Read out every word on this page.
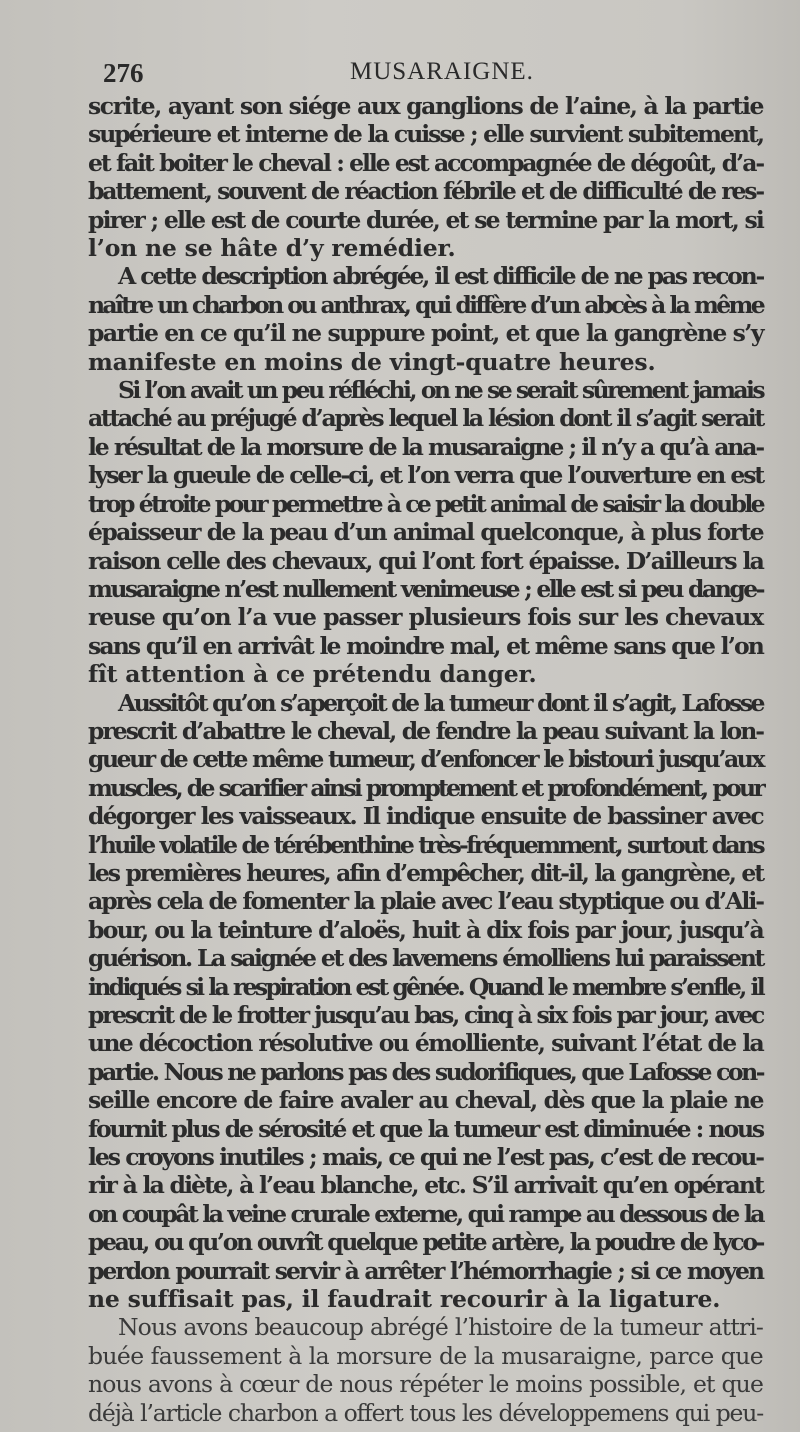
276	MUSARAIGNE.
scrite, ayant son siége aux ganglions de l’aine, à la partie
supérieure et interne de la cuisse ; elle survient subitement,
et fait boiter le cheval : elle est accompagnée de dégoût, d’a-
battement, souvent de réaction fébrile et de difficulté de res-
pirer ; elle est de courte durée, et se termine par la mort, si
l’on ne se hâte d’y remédier.
A cette description abrégée, il est difficile de ne pas recon-
naître un charbon ou anthrax, qui diffère d’un abcès à la même
partie en ce qu’il ne suppure point, et que la gangrène s’y
manifeste en moins de vingt-quatre heures.
Si l’on avait un peu réfléchi, on ne se serait sûrement jamais
attaché au préjugé d’après lequel la lésion dont il s’agit serait
le résultat de la morsure de la musaraigne ; il n’y a qu’à ana-
lyser la gueule de celle-ci, et l’on verra que l’ouverture en est
trop étroite pour permettre à ce petit animal de saisir la double
épaisseur de la peau d’un animal quelconque, à plus forte
raison celle des chevaux, qui l’ont fort épaisse. D’ailleurs la
musaraigne n’est nullement venimeuse ; elle est si peu dange-
reuse qu’on l’a vue passer plusieurs fois sur les chevaux
sans qu’il en arrivât le moindre mal, et même sans que l’on
fît attention à ce prétendu danger.
Aussitôt qu’on s’aperçoit de la tumeur dont il s’agit, Lafosse
prescrit d’abattre le cheval, de fendre la peau suivant la lon-
gueur de cette même tumeur, d’enfoncer le bistouri jusqu’aux
muscles, de scarifier ainsi promptement et profondément, pour
dégorger les vaisseaux. Il indique ensuite de bassiner avec
l’huile volatile de térébenthine très-fréquemment, surtout dans
les premières heures, afin d’empêcher, dit-il, la gangrène, et
après cela de fomenter la plaie avec l’eau styptique ou d’Ali-
bour, ou la teinture d’aloës, huit à dix fois par jour, jusqu’à
guérison. La saignée et des lavemens émolliens lui paraissent
indiqués si la respiration est gênée. Quand le membre s’enfle, il
prescrit de le frotter jusqu’au bas, cinq à six fois par jour, avec
une décoction résolutive ou émolliente, suivant l’état de la
partie. Nous ne parlons pas des sudorifiques, que Lafosse con-
seille encore de faire avaler au cheval, dès que la plaie ne
fournit plus de sérosité et que la tumeur est diminuée : nous
les croyons inutiles ; mais, ce qui ne l’est pas, c’est de recou-
rir à la diète, à l’eau blanche, etc. S’il arrivait qu’en opérant
on coupât la veine crurale externe, qui rampe au dessous de la
peau, ou qu’on ouvrît quelque petite artère, la poudre de lyco-
perdon pourrait servir à arrêter l’hémorrhagie ; si ce moyen
ne suffisait pas, il faudrait recourir à la ligature.
Nous avons beaucoup abrégé l’histoire de la tumeur attri-
buée faussement à la morsure de la musaraigne, parce que
nous avons à cœur de nous répéter le moins possible, et que
déjà l’article charbon a offert tous les développemens qui peu-
